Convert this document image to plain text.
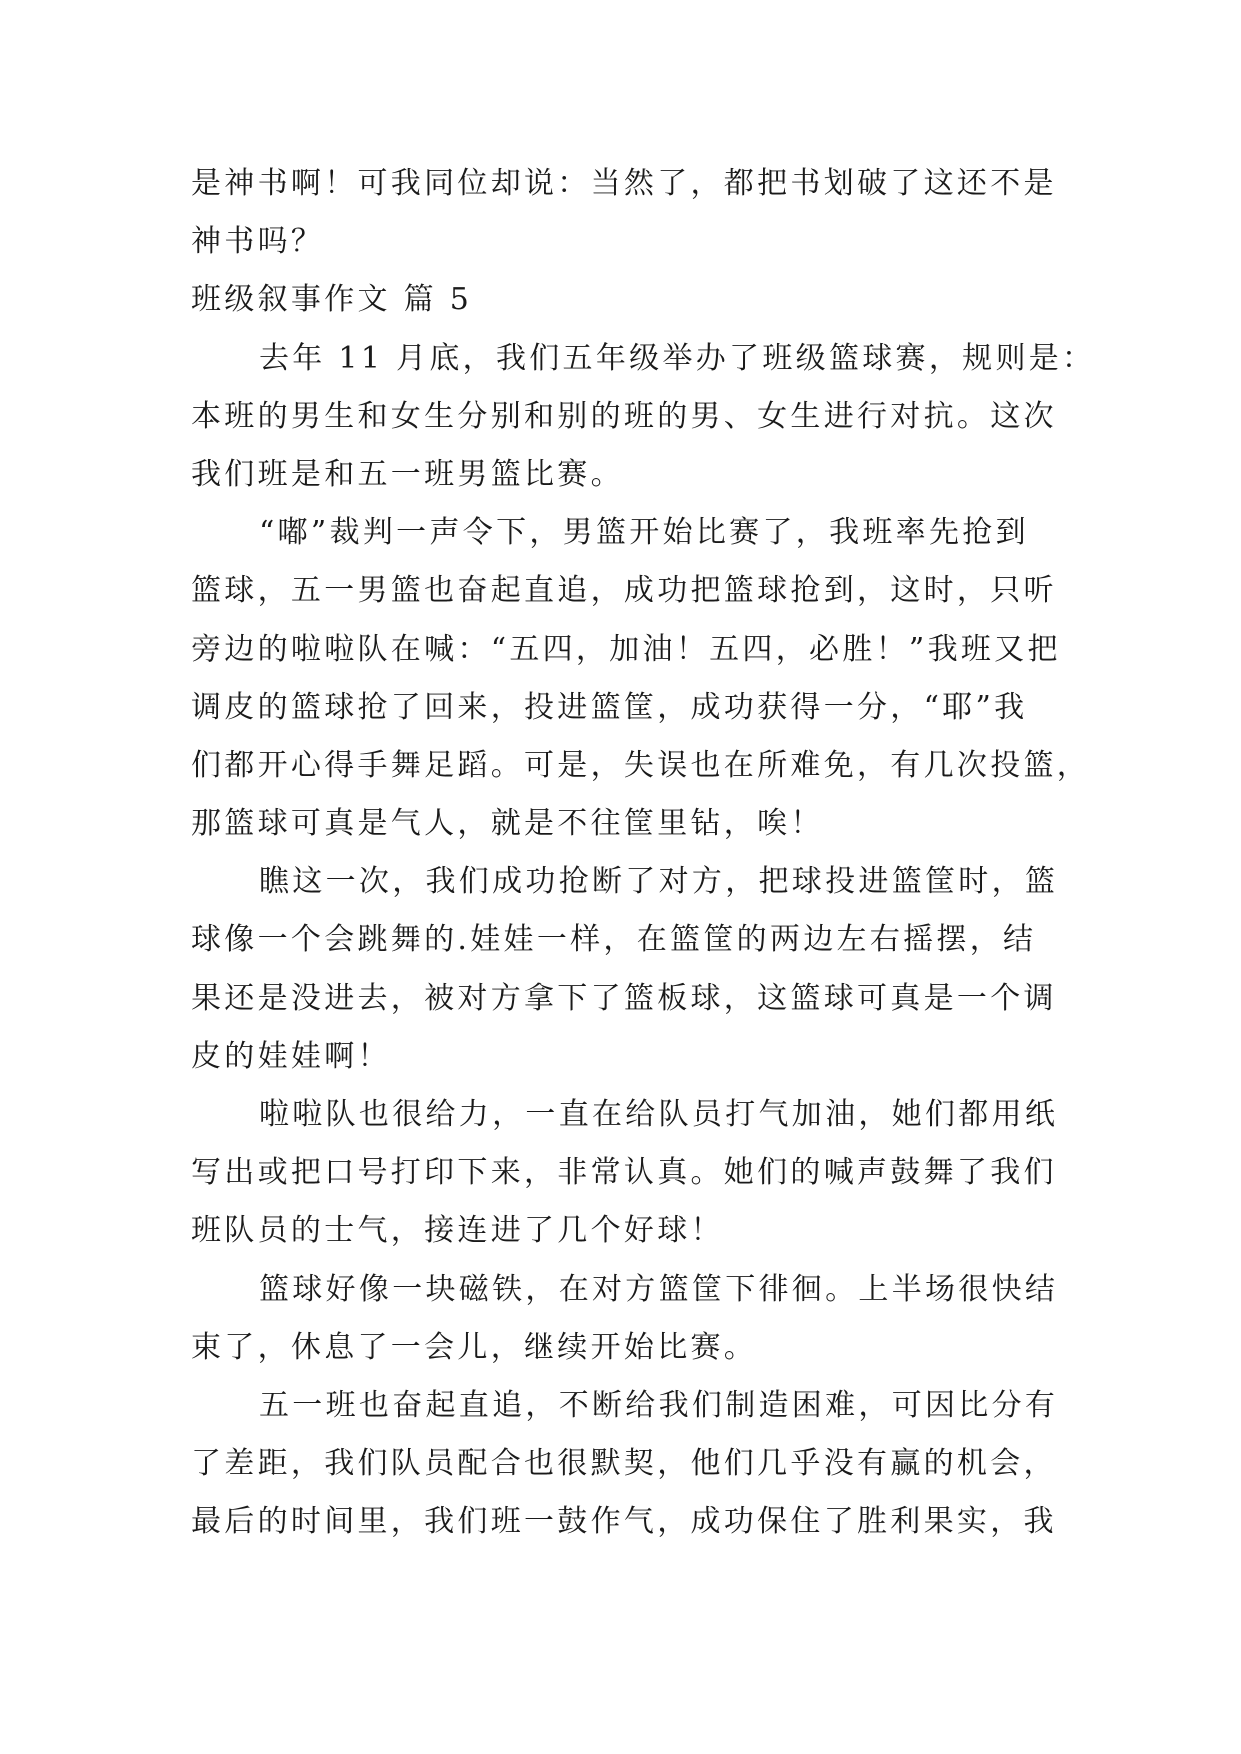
是神书啊！可我同位却说：当然了，都把书划破了这还不是
神书吗？
班级叙事作文 篇 5
去年 11 月底，我们五年级举办了班级篮球赛，规则是：
本班的男生和女生分别和别的班的男、女生进行对抗。这次
我们班是和五一班男篮比赛。
“嘟”裁判一声令下，男篮开始比赛了，我班率先抢到
篮球，五一男篮也奋起直追，成功把篮球抢到，这时，只听
旁边的啦啦队在喊：“五四，加油！五四，必胜！”我班又把
调皮的篮球抢了回来，投进篮筐，成功获得一分，“耶”我
们都开心得手舞足蹈。可是，失误也在所难免，有几次投篮，
那篮球可真是气人，就是不往筐里钻，唉！
瞧这一次，我们成功抢断了对方，把球投进篮筐时，篮
球像一个会跳舞的.娃娃一样，在篮筐的两边左右摇摆，结
果还是没进去，被对方拿下了篮板球，这篮球可真是一个调
皮的娃娃啊！
啦啦队也很给力，一直在给队员打气加油，她们都用纸
写出或把口号打印下来，非常认真。她们的喊声鼓舞了我们
班队员的士气，接连进了几个好球！
篮球好像一块磁铁，在对方篮筐下徘徊。上半场很快结
束了，休息了一会儿，继续开始比赛。
五一班也奋起直追，不断给我们制造困难，可因比分有
了差距，我们队员配合也很默契，他们几乎没有赢的机会，
最后的时间里，我们班一鼓作气，成功保住了胜利果实，我
